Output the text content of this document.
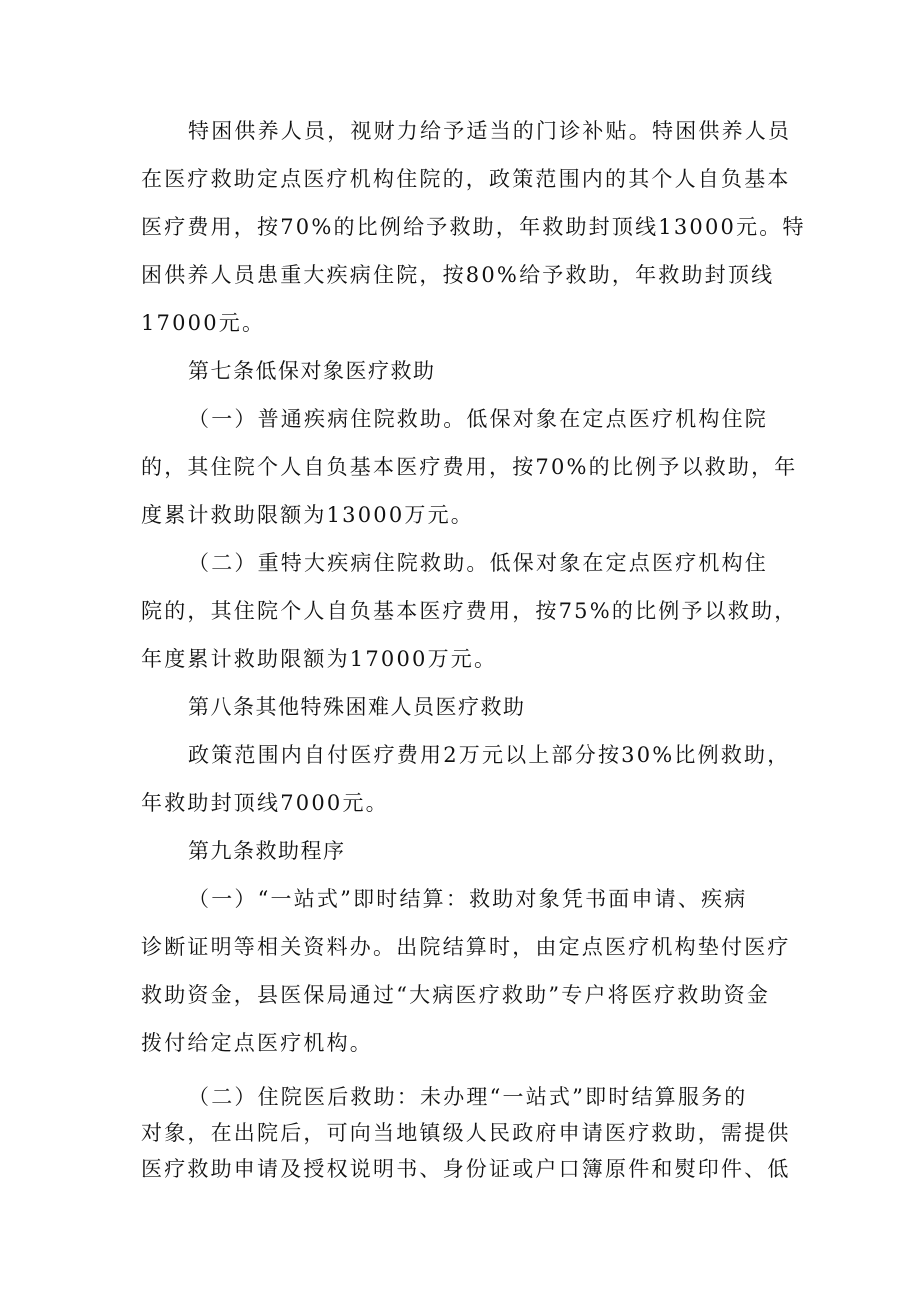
特困供养人员，视财力给予适当的门诊补贴。特困供养人员
在医疗救助定点医疗机构住院的，政策范围内的其个人自负基本
医疗费用，按70%的比例给予救助，年救助封顶线13000元。特
困供养人员患重大疾病住院，按80%给予救助，年救助封顶线
17000元。
第七条低保对象医疗救助
（一）普通疾病住院救助。低保对象在定点医疗机构住院
的，其住院个人自负基本医疗费用，按70%的比例予以救助，年
度累计救助限额为13000万元。
（二）重特大疾病住院救助。低保对象在定点医疗机构住
院的，其住院个人自负基本医疗费用，按75%的比例予以救助，
年度累计救助限额为17000万元。
第八条其他特殊困难人员医疗救助
政策范围内自付医疗费用2万元以上部分按30%比例救助，
年救助封顶线7000元。
第九条救助程序
（一）“一站式”即时结算：救助对象凭书面申请、疾病
诊断证明等相关资料办。出院结算时，由定点医疗机构垫付医疗
救助资金，县医保局通过“大病医疗救助”专户将医疗救助资金
拨付给定点医疗机构。
（二）住院医后救助：未办理“一站式”即时结算服务的
对象，在出院后，可向当地镇级人民政府申请医疗救助，需提供
医疗救助申请及授权说明书、身份证或户口簿原件和熨印件、低
